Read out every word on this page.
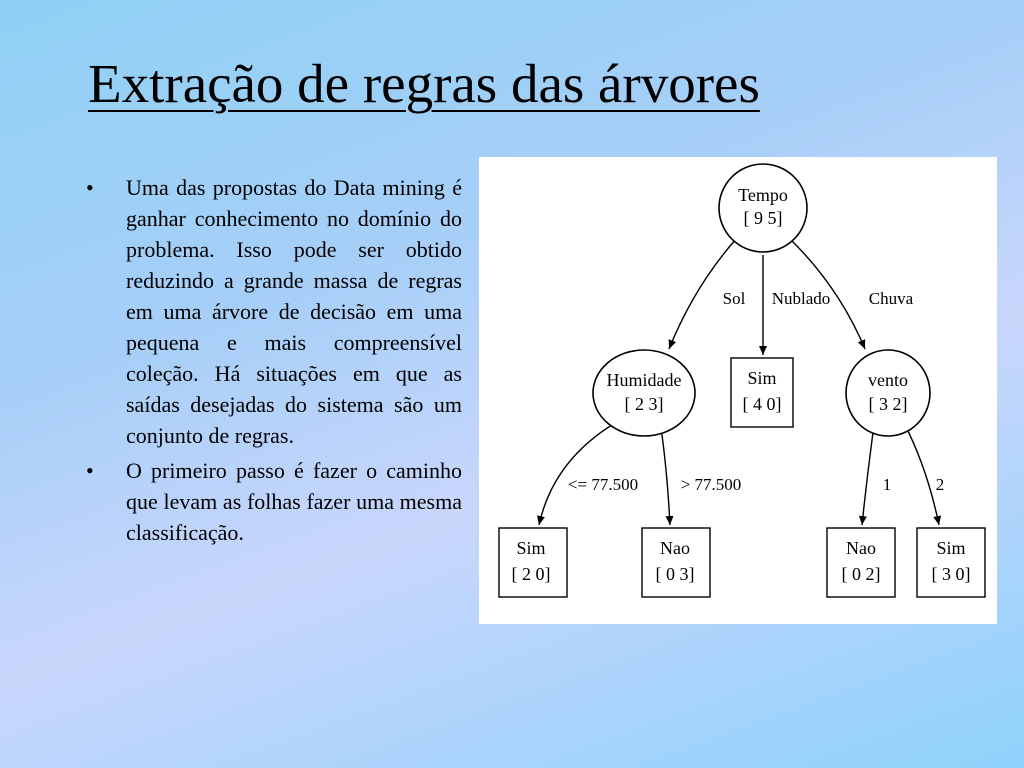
Extração de regras das árvores
• Uma das propostas do Data mining é ganhar conhecimento no domínio do problema. Isso pode ser obtido reduzindo a grande massa de regras em uma árvore de decisão em uma pequena e mais compreensível coleção. Há situações em que as saídas desejadas do sistema são um conjunto de regras.
• O primeiro passo é fazer o caminho que levam as folhas fazer uma mesma classificação.
Sol Nublado Chuva
<= 77.500	> 77.500	1	2
Tempo
[ 9 5]
Humidade
[ 2 3]
Sim
[ 4 0]
vento
[ 3 2]
Sim
[ 2 0]
Nao
[ 0 3]
Nao
[ 0 2]
Sim
[ 3 0]
